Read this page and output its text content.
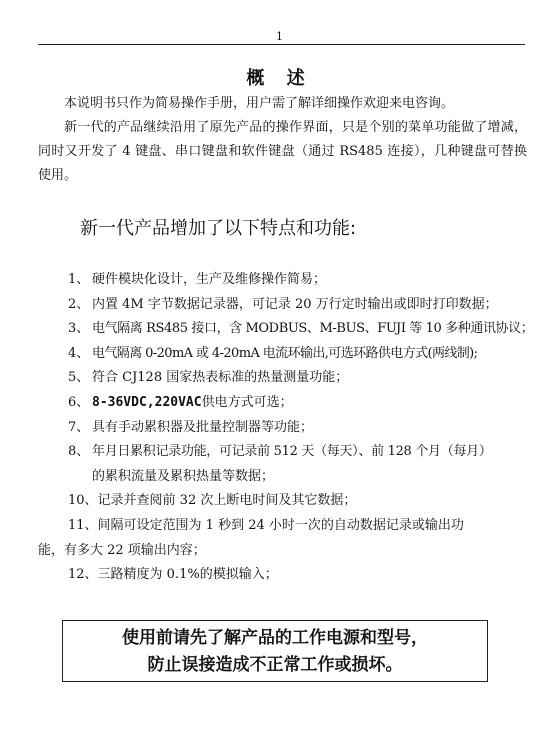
1
概 述
本说明书只作为简易操作手册，用户需了解详细操作欢迎来电咨询。
新一代的产品继续沿用了原先产品的操作界面，只是个别的菜单功能做了增减，同时又开发了 4 键盘、串口键盘和软件键盘（通过 RS485 连接），几种键盘可替换使用。
新一代产品增加了以下特点和功能:
1、 硬件模块化设计，生产及维修操作简易；
2、 内置 4M 字节数据记录器，可记录 20 万行定时输出或即时打印数据；
3、 电气隔离 RS485 接口，含 MODBUS、M-BUS、FUJI 等 10 多种通讯协议；
4、 电气隔离 0-20mA 或 4-20mA 电流环输出,可选环路供电方式(两线制);
5、 符合 CJ128 国家热表标准的热量测量功能；
6、 8-36VDC,220VAC供电方式可选；
7、 具有手动累积器及批量控制器等功能；
8、 年月日累积记录功能，可记录前 512 天（每天）、前 128 个月（每月）
的累积流量及累积热量等数据；
10、记录并查阅前 32 次上断电时间及其它数据；
11、间隔可设定范围为 1 秒到 24 小时一次的自动数据记录或输出功
能，有多大 22 项输出内容；
12、三路精度为 0.1%的模拟输入；
使用前请先了解产品的工作电源和型号，
防止误接造成不正常工作或损坏。
